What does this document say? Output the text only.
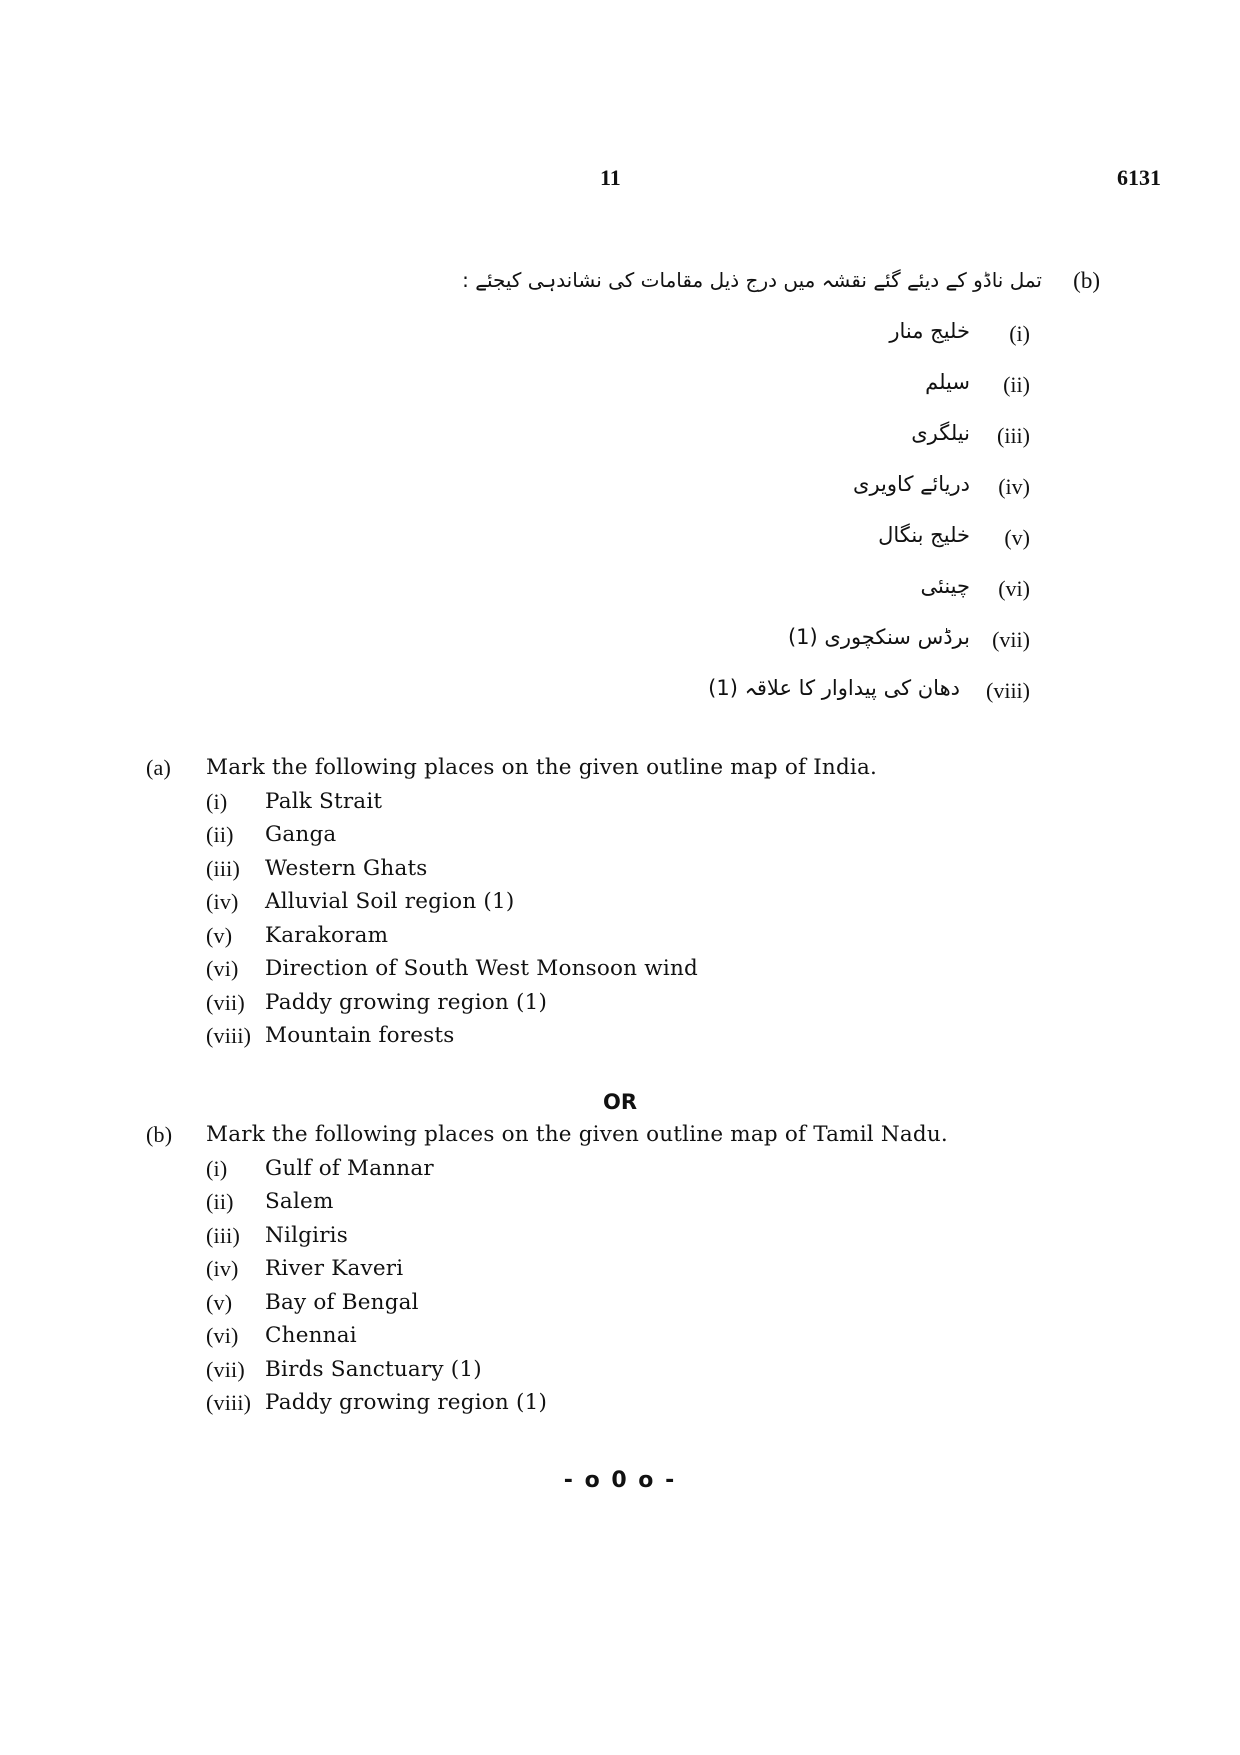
11	6131
(b)
تمل ناڈو کے دیئے گئے نقشہ میں درج ذیل مقامات کی نشاندہی کیجئے :
(i)
خلیج منار
(ii)
سیلم
(iii)
نیلگری
(iv)
دریائے کاویری
(v)
خلیج بنگال
(vi)
چینئی
(vii)
برڈس سنکچوری (1)
(viii)
دھان کی پیداوار کا علاقہ (1)
(a) Mark the following places on the given outline map of India.
(i) Palk Strait
(ii) Ganga
(iii) Western Ghats
(iv) Alluvial Soil region (1)
(v) Karakoram
(vi) Direction of South West Monsoon wind
(vii) Paddy growing region (1)
(viii) Mountain forests
OR
(b) Mark the following places on the given outline map of Tamil Nadu.
(i) Gulf of Mannar
(ii) Salem
(iii) Nilgiris
(iv) River Kaveri
(v) Bay of Bengal
(vi) Chennai
(vii) Birds Sanctuary (1)
(viii) Paddy growing region (1)
- o 0 o -
